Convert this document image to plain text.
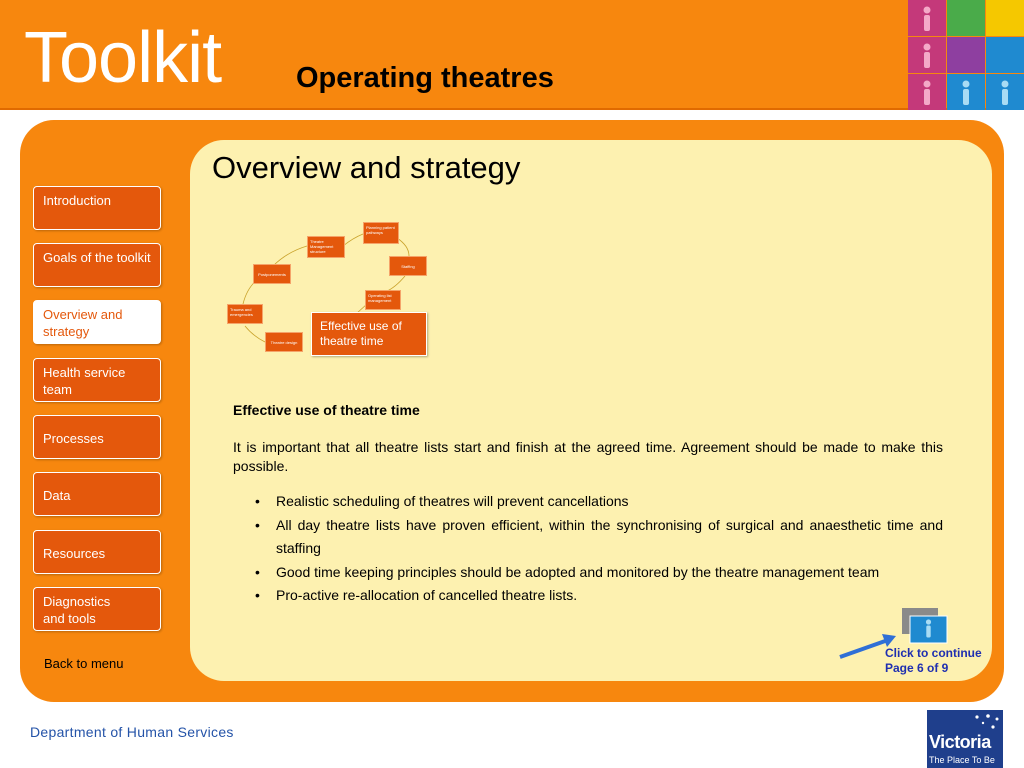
Toolkit	Operating theatres
Introduction
Goals of the toolkit
Overview and  strategy
Health service team
Processes
Data
Resources
Diagnostics and tools
Back to menu
Overview and strategy
Planning patient pathways
Theatre Management structure
Staffing
Postponements
Operating list management
Trauma and emergencies
Theatre design
Effective use of theatre time
Effective use of theatre time
It is important that all theatre lists start and finish at the agreed time. Agreement should be made to make this possible.
• Realistic scheduling of theatres will prevent cancellations
• All day theatre lists have proven efficient, within the synchronising of surgical and anaesthetic time and staffing
• Good time keeping principles should be adopted and monitored by the theatre management team
• Pro-active re-allocation of cancelled theatre lists.
Click to continue
Page 6 of 9
Department of Human Services	Victoria
The Place To Be
